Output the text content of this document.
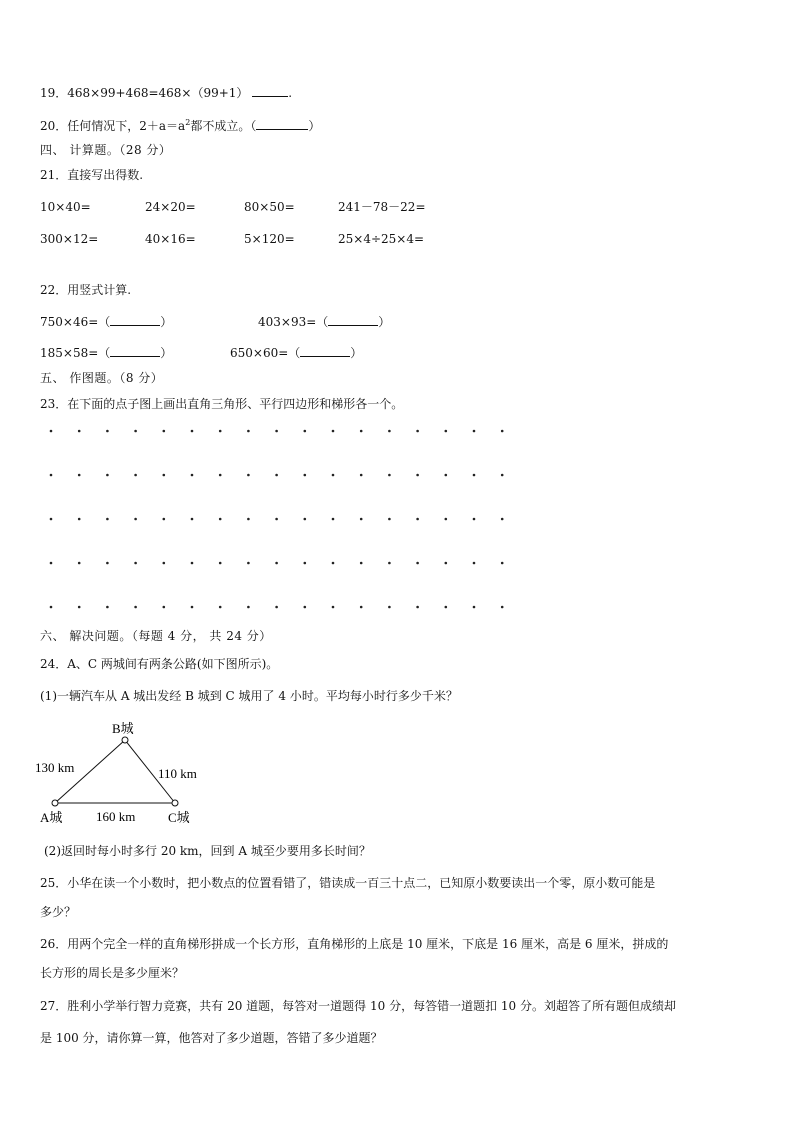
19．468×99+468=468×（99+1）	.
20．任何情况下，$2+a=a^2$都不成立。（	）
四、 计算题。（28 分）
21．直接写出得数.
10×40=	24×20=	80×50=	241－78－22=
300×12=	40×16=	5×120=	25×4÷25×4=
22．用竖式计算.
750×46=（	）	403×93=（	）
185×58=（	）	650×60=（	）
五、 作图题。（8 分）
23．在下面的点子图上画出直角三角形、平行四边形和梯形各一个。
六、 解决问题。（每题 4 分， 共 24 分）
24．A、C 两城间有两条公路(如下图所示)。
(1)一辆汽车从 A 城出发经 B 城到 C 城用了 4 小时。平均每小时行多少千米？
B城
A城	C城
130 km	110 km
160 km
(2)返回时每小时多行 20 km，回到 A 城至少要用多长时间？
25．小华在读一个小数时，把小数点的位置看错了，错读成一百三十点二，已知原小数要读出一个零，原小数可能是
多少？
26．用两个完全一样的直角梯形拼成一个长方形，直角梯形的上底是 10 厘米，下底是 16 厘米，高是 6 厘米，拼成的
长方形的周长是多少厘米？
27．胜利小学举行智力竞赛，共有 20 道题，每答对一道题得 10 分，每答错一道题扣 10 分。刘超答了所有题但成绩却
是 100 分，请你算一算，他答对了多少道题，答错了多少道题？
